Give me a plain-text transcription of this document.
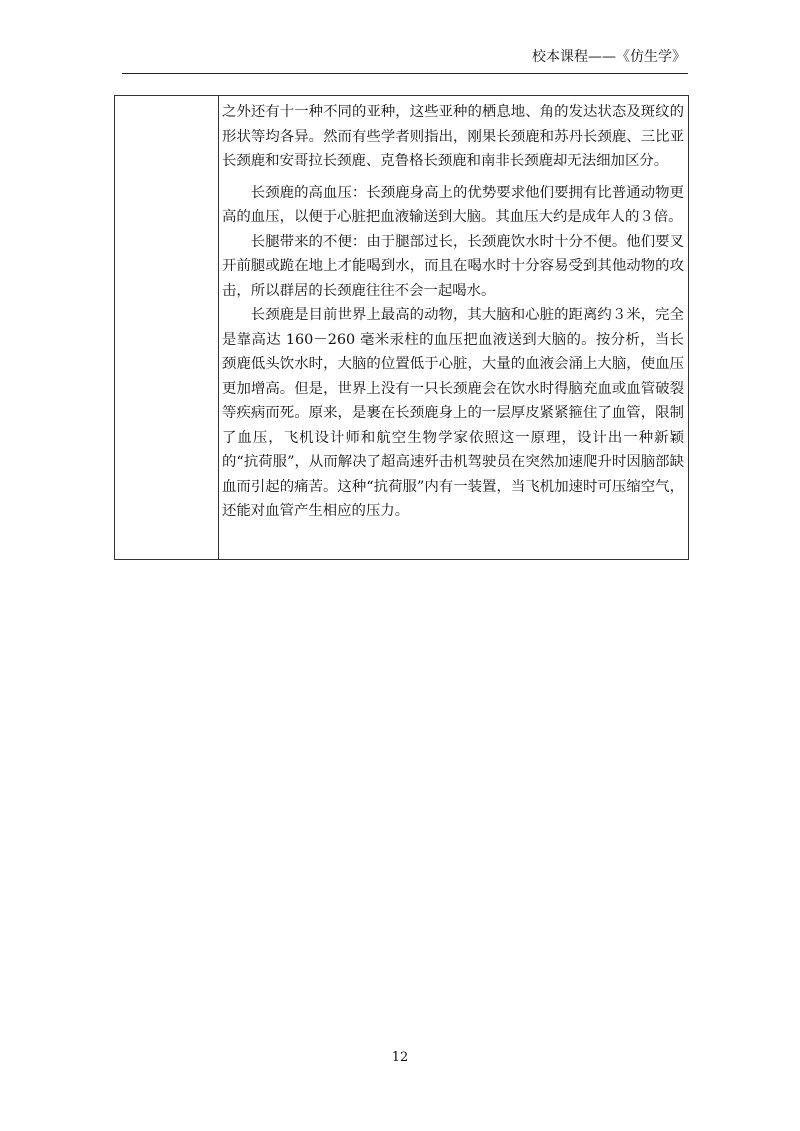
校本课程——《仿生学》

之外还有十一种不同的亚种，这些亚种的栖息地、角的发达状态及斑纹的形状等均各异。然而有些学者则指出，刚果长颈鹿和苏丹长颈鹿、三比亚长颈鹿和安哥拉长颈鹿、克鲁格长颈鹿和南非长颈鹿却无法细加区分。

长颈鹿的高血压：长颈鹿身高上的优势要求他们要拥有比普通动物更高的血压，以便于心脏把血液输送到大脑。其血压大约是成年人的３倍。

长腿带来的不便：由于腿部过长，长颈鹿饮水时十分不便。他们要叉开前腿或跪在地上才能喝到水，而且在喝水时十分容易受到其他动物的攻击，所以群居的长颈鹿往往不会一起喝水。

长颈鹿是目前世界上最高的动物，其大脑和心脏的距离约３米，完全是靠高达 160－260 毫米汞柱的血压把血液送到大脑的。按分析，当长颈鹿低头饮水时，大脑的位置低于心脏，大量的血液会涌上大脑，使血压更加增高。但是，世界上没有一只长颈鹿会在饮水时得脑充血或血管破裂等疾病而死。原来，是裹在长颈鹿身上的一层厚皮紧紧箍住了血管，限制了血压，飞机设计师和航空生物学家依照这一原理，设计出一种新颖的“抗荷服”，从而解决了超高速歼击机驾驶员在突然加速爬升时因脑部缺血而引起的痛苦。这种“抗荷服”内有一装置，当飞机加速时可压缩空气，还能对血管产生相应的压力。

12
